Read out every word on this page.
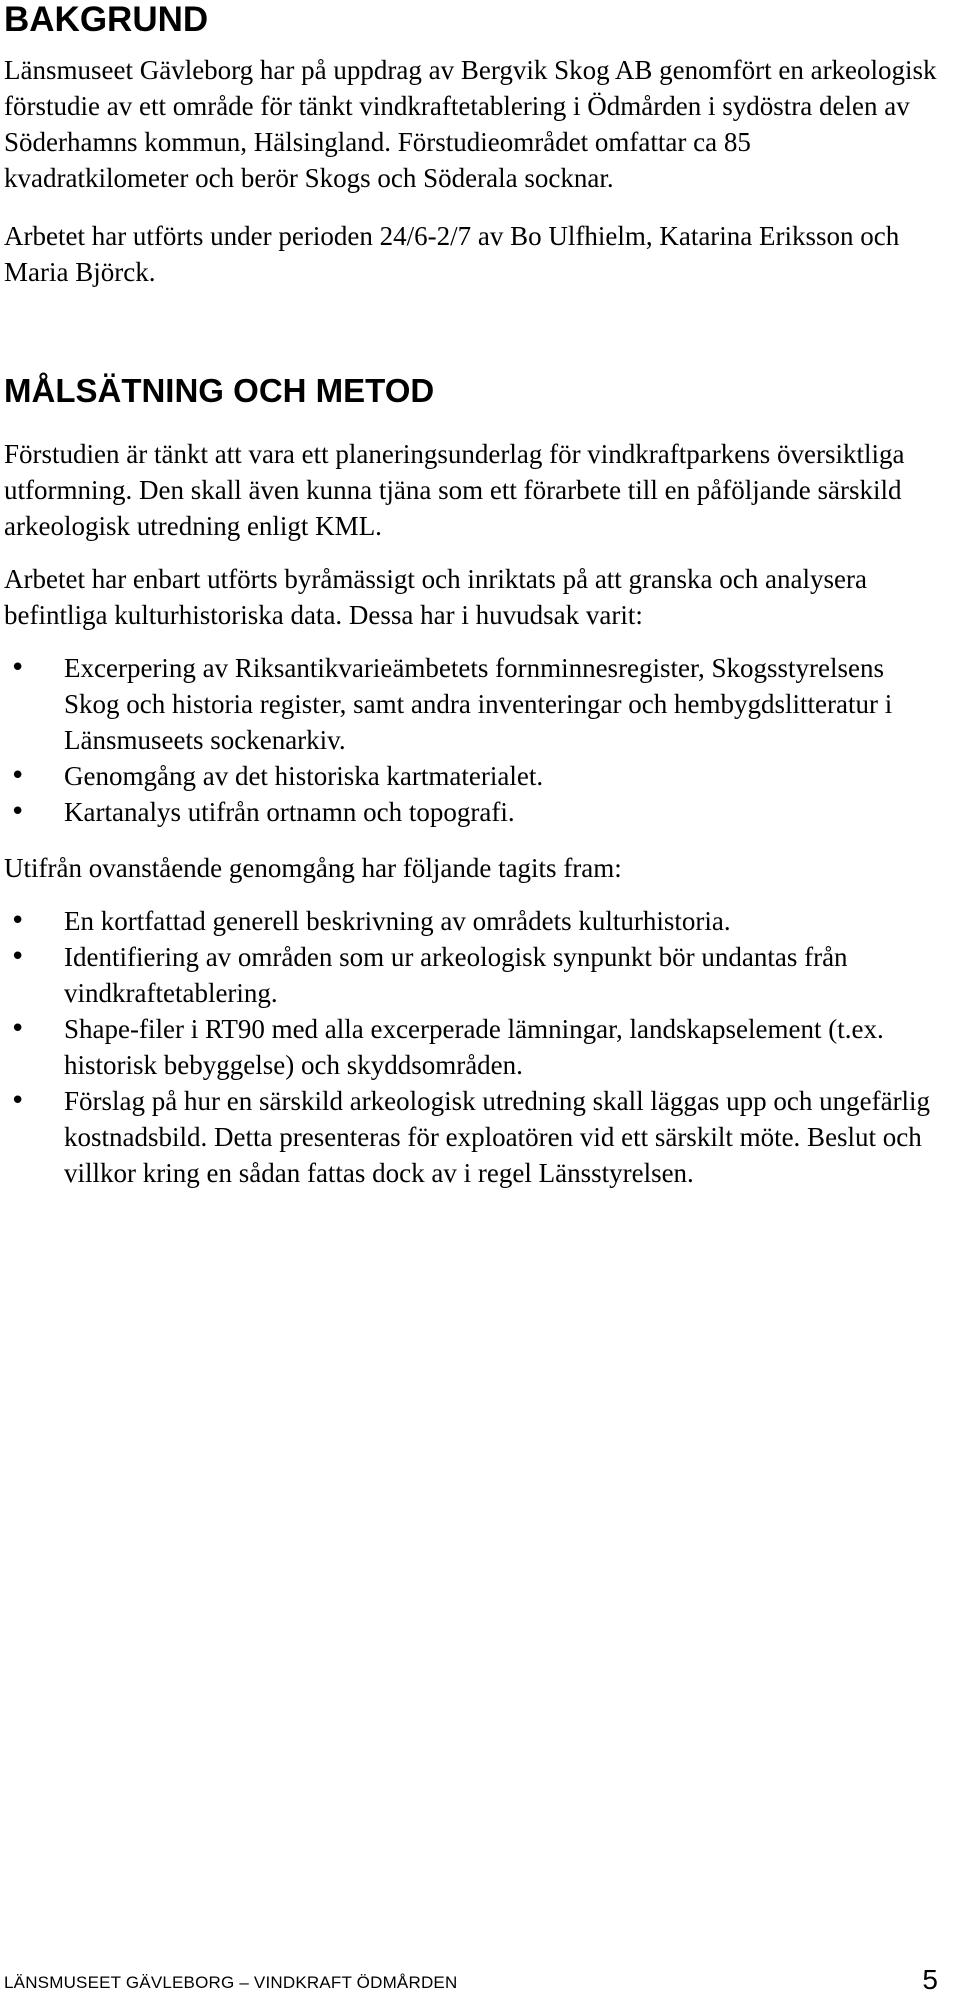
BAKGRUND

Länsmuseet Gävleborg har på uppdrag av Bergvik Skog AB genomfört en arkeologisk förstudie av ett område för tänkt vindkraftetablering i Ödmården i sydöstra delen av Söderhamns kommun, Hälsingland. Förstudieområdet omfattar ca 85 kvadratkilometer och berör Skogs och Söderala socknar.

Arbetet har utförts under perioden 24/6-2/7 av Bo Ulfhielm, Katarina Eriksson och Maria Björck.

MÅLSÄTNING OCH METOD

Förstudien är tänkt att vara ett planeringsunderlag för vindkraftparkens översiktliga utformning. Den skall även kunna tjäna som ett förarbete till en påföljande särskild arkeologisk utredning enligt KML.

Arbetet har enbart utförts byråmässigt och inriktats på att granska och analysera befintliga kulturhistoriska data. Dessa har i huvudsak varit:

• Excerpering av Riksantikvarieämbetets fornminnesregister, Skogsstyrelsens Skog och historia register, samt andra inventeringar och hembygdslitteratur i Länsmuseets sockenarkiv.
• Genomgång av det historiska kartmaterialet.
• Kartanalys utifrån ortnamn och topografi.

Utifrån ovanstående genomgång har följande tagits fram:

• En kortfattad generell beskrivning av områdets kulturhistoria.
• Identifiering av områden som ur arkeologisk synpunkt bör undantas från vindkraftetablering.
• Shape-filer i RT90 med alla excerperade lämningar, landskapselement (t.ex. historisk bebyggelse) och skyddsområden.
• Förslag på hur en särskild arkeologisk utredning skall läggas upp och ungefärlig kostnadsbild. Detta presenteras för exploatören vid ett särskilt möte. Beslut och villkor kring en sådan fattas dock av i regel Länsstyrelsen.
LÄNSMUSEET GÄVLEBORG – VINDKRAFT ÖDMÅRDEN	5
